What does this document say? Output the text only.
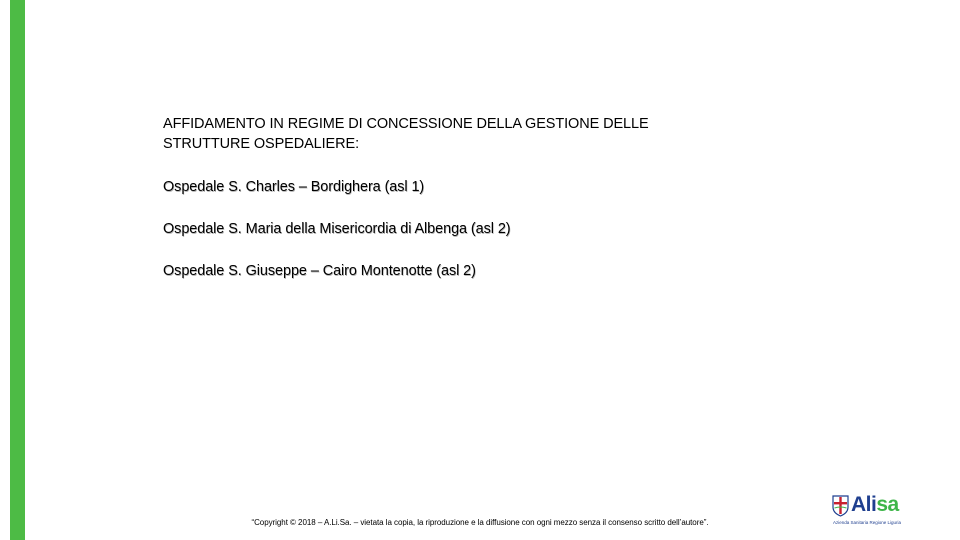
AFFIDAMENTO IN REGIME DI CONCESSIONE DELLA GESTIONE DELLE
STRUTTURE OSPEDALIERE:
Ospedale S. Charles – Bordighera (asl 1)
Ospedale S. Maria della Misericordia di Albenga (asl 2)
Ospedale S. Giuseppe – Cairo Montenotte (asl 2)
“Copyright © 2018 – A.Li.Sa. – vietata la copia, la riproduzione e la diffusione con ogni mezzo senza il consenso scritto dell’autore”.
Alisa
Azienda Sanitaria Regione Liguria
